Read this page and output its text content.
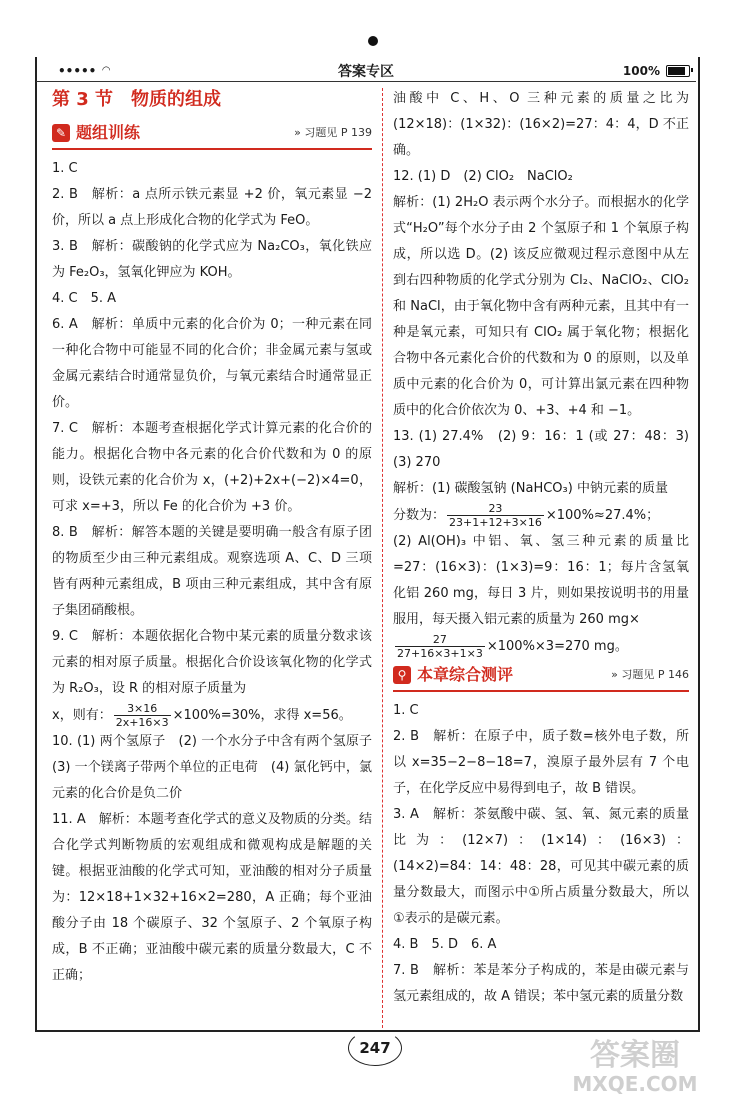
••••• ◠	答案专区	100%
第 3 节　物质的组成
✎ 题组训练	» 习题见 P 139

1. C

2. B　解析：a 点所示铁元素显 +2 价，氧元素显 −2 价，所以 a 点上形成化合物的化学式为 FeO。

3. B　解析：碳酸钠的化学式应为 Na₂CO₃，氧化铁应为 Fe₂O₃，氢氧化钾应为 KOH。

4. C　5. A

6. A　解析：单质中元素的化合价为 0；一种元素在同一种化合物中可能显不同的化合价；非金属元素与氢或金属元素结合时通常显负价，与氧元素结合时通常显正价。

7. C　解析：本题考查根据化学式计算元素的化合价的能力。根据化合物中各元素的化合价代数和为 0 的原则，设铁元素的化合价为 x，(+2)+2x+(−2)×4=0，可求 x=+3，所以 Fe 的化合价为 +3 价。

8. B　解析：解答本题的关键是要明确一般含有原子团的物质至少由三种元素组成。观察选项 A、C、D 三项皆有两种元素组成，B 项由三种元素组成，其中含有原子集团硝酸根。

9. C　解析：本题依据化合物中某元素的质量分数求该元素的相对原子质量。根据化合价设该氧化物的化学式为 R₂O₃，设 R 的相对原子质量为

x，则有： $\frac{3\times 16}{2x+16\times 3} \times 100\%=30\%$，求得 x=56。

10. (1) 两个氢原子　(2) 一个水分子中含有两个氢原子　(3) 一个镁离子带两个单位的正电荷　(4) 氯化钙中，氯元素的化合价是负二价

11. A　解析：本题考查化学式的意义及物质的分类。结合化学式判断物质的宏观组成和微观构成是解题的关键。根据亚油酸的化学式可知，亚油酸的相对分子质量为：12×18+1×32+16×2=280，A 正确；每个亚油酸分子由 18 个碳原子、32 个氢原子、2 个氧原子构成，B 不正确；亚油酸中碳元素的质量分数最大，C 不正确；

油酸中 C、H、O 三种元素的质量之比为 (12×18)：(1×32)：(16×2)=27：4：4，D 不正确。

12. (1) D　(2) ClO₂　NaClO₂

解析：(1) 2H₂O 表示两个水分子。而根据水的化学式“H₂O”每个水分子由 2 个氢原子和 1 个氧原子构成，所以选 D。(2) 该反应微观过程示意图中从左到右四种物质的化学式分别为 Cl₂、NaClO₂、ClO₂ 和 NaCl，由于氧化物中含有两种元素，且其中有一种是氧元素，可知只有 ClO₂ 属于氧化物；根据化合物中各元素化合价的代数和为 0 的原则，以及单质中元素的化合价为 0，可计算出氯元素在四种物质中的化合价依次为 0、+3、+4 和 −1。

13. (1) 27.4%　(2) 9：16：1 (或 27：48：3)　(3) 270

解析：(1) 碳酸氢钠 (NaHCO₃) 中钠元素的质量

分数为： $\frac{23}{23+1+12+3\times 16} \times 100\%\approx 27.4\%$；

(2) Al(OH)₃ 中铝、氧、氢三种元素的质量比=27：(16×3)：(1×3)=9：16：1；每片含氢氧化铝 260 mg，每日 3 片，则如果按说明书的用量服用，每天摄入铝元素的质量为 260 mg×

$\frac{27}{27+16\times 3+1\times 3} \times 100\%\times 3=270$ mg。

⚲ 本章综合测评	» 习题见 P 146

1. C

2. B　解析：在原子中，质子数=核外电子数，所以 x=35−2−8−18=7，溴原子最外层有 7 个电子，在化学反应中易得到电子，故 B 错误。

3. A　解析：茶氨酸中碳、氢、氧、氮元素的质量比为：(12×7)：(1×14)：(16×3)：(14×2)=84：14：48：28，可见其中碳元素的质量分数最大，而图示中①所占质量分数最大，所以①表示的是碳元素。

4. B　5. D　6. A

7. B　解析：苯是苯分子构成的，苯是由碳元素与氢元素组成的，故 A 错误；苯中氢元素的质量分数

247	答案圈
MXQE.COM
